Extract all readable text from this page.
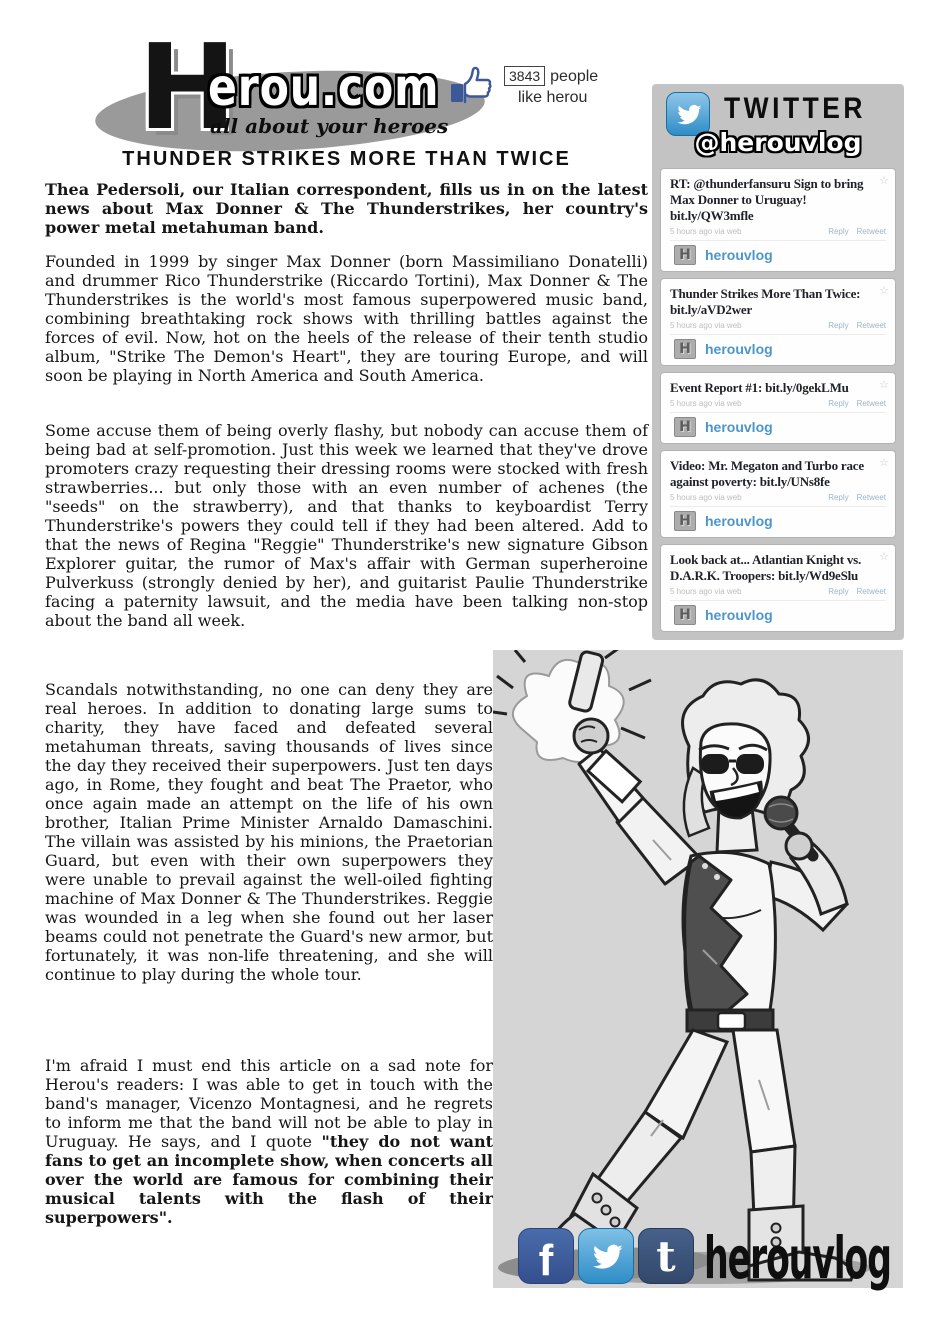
H
erou.com
all about your heroes
3843 people
like herou
THUNDER STRIKES MORE THAN TWICE

Thea Pedersoli, our Italian correspondent, fills us in on the latest news about Max Donner & The Thunderstrikes, her country's power metal metahuman band.

Founded in 1999 by singer Max Donner (born Massimiliano Donatelli) and drummer Rico Thunderstrike (Riccardo Tortini), Max Donner & The Thunderstrikes is the world's most famous superpowered music band, combining breathtaking rock shows with thrilling battles against the forces of evil. Now, hot on the heels of the release of their tenth studio album, "Strike The Demon's Heart", they are touring Europe, and will soon be playing in North America and South America.

Some accuse them of being overly flashy, but nobody can accuse them of being bad at self-promotion. Just this week we learned that they've drove promoters crazy requesting their dressing rooms were stocked with fresh strawberries... but only those with an even number of achenes (the "seeds" on the strawberry), and that thanks to keyboardist Terry Thunderstrike's powers they could tell if they had been altered. Add to that the news of Regina "Reggie" Thunderstrike's new signature Gibson Explorer guitar, the rumor of Max's affair with German superheroine Pulverkuss (strongly denied by her), and guitarist Paulie Thunderstrike facing a paternity lawsuit, and the media have been talking non-stop about the band all week.

Scandals notwithstanding, no one can deny they are real heroes. In addition to donating large sums to charity, they have faced and defeated several metahuman threats, saving thousands of lives since the day they received their superpowers. Just ten days ago, in Rome, they fought and beat The Praetor, who once again made an attempt on the life of his own brother, Italian Prime Minister Arnaldo Damaschini. The villain was assisted by his minions, the Praetorian Guard, but even with their own superpowers they were unable to prevail against the well-oiled fighting machine of Max Donner & The Thunderstrikes. Reggie was wounded in a leg when she found out her laser beams could not penetrate the Guard's new armor, but fortunately, it was non-life threatening, and she will continue to play during the whole tour.

I'm afraid I must end this article on a sad note for Herou's readers: I was able to get in touch with the band's manager, Vicenzo Montagnesi, and he regrets to inform me that the band will not be able to play in Uruguay. He says, and I quote "they do not want fans to get an incomplete show, when concerts all over the world are famous for combining their musical talents with the flash of their superpowers".

TWITTER
@herouvlog
☆
RT: @thunderfansuru Sign to bring Max Donner to Uruguay! bit.ly/QW3mfle
5 hours ago via web	Reply Retweet
H	herouvlog
☆
Thunder Strikes More Than Twice: bit.ly/aVD2wer
5 hours ago via web	Reply Retweet
H	herouvlog
☆
Event Report #1: bit.ly/0gekLMu
5 hours ago via web	Reply Retweet
H	herouvlog
☆
Video: Mr. Megaton and Turbo race against poverty: bit.ly/UNs8fe
5 hours ago via web	Reply Retweet
H	herouvlog
☆
Look back at... Atlantian Knight vs. D.A.R.K. Troopers: bit.ly/Wd9eSlu
5 hours ago via web	Reply Retweet
H	herouvlog
f t herouvlog
